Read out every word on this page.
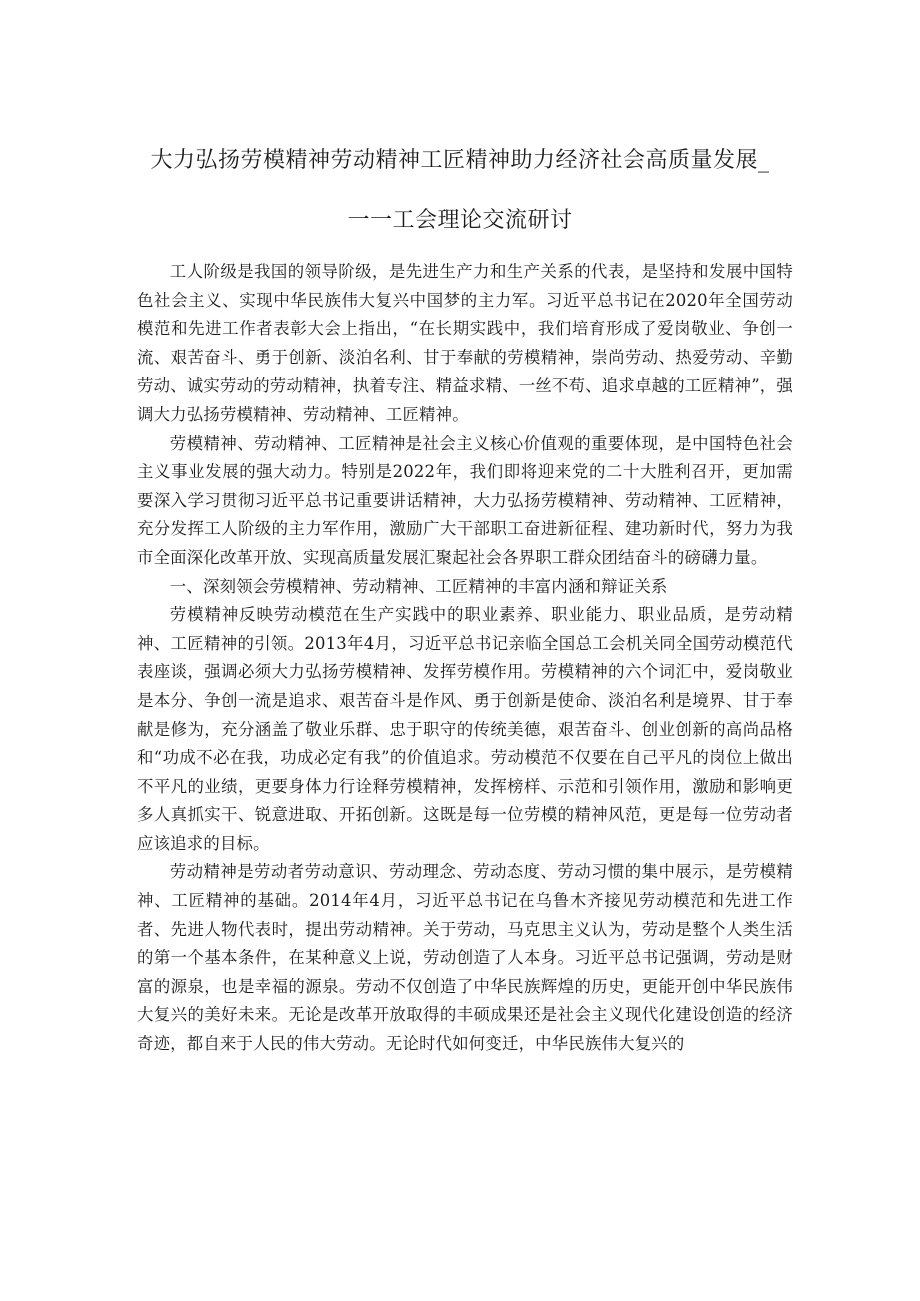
大力弘扬劳模精神劳动精神工匠精神助力经济社会高质量发展_
一一工会理论交流研讨

工人阶级是我国的领导阶级，是先进生产力和生产关系的代表，是坚持和发展中国特色社会主义、实现中华民族伟大复兴中国梦的主力军。习近平总书记在2020年全国劳动模范和先进工作者表彰大会上指出，“在长期实践中，我们培育形成了爱岗敬业、争创一流、艰苦奋斗、勇于创新、淡泊名利、甘于奉献的劳模精神，崇尚劳动、热爱劳动、辛勤劳动、诚实劳动的劳动精神，执着专注、精益求精、一丝不苟、追求卓越的工匠精神”，强调大力弘扬劳模精神、劳动精神、工匠精神。

劳模精神、劳动精神、工匠精神是社会主义核心价值观的重要体现，是中国特色社会主义事业发展的强大动力。特别是2022年，我们即将迎来党的二十大胜利召开，更加需要深入学习贯彻习近平总书记重要讲话精神，大力弘扬劳模精神、劳动精神、工匠精神，充分发挥工人阶级的主力军作用，激励广大干部职工奋进新征程、建功新时代，努力为我市全面深化改革开放、实现高质量发展汇聚起社会各界职工群众团结奋斗的磅礴力量。

一、深刻领会劳模精神、劳动精神、工匠精神的丰富内涵和辩证关系

劳模精神反映劳动模范在生产实践中的职业素养、职业能力、职业品质，是劳动精神、工匠精神的引领。2013年4月，习近平总书记亲临全国总工会机关同全国劳动模范代表座谈，强调必须大力弘扬劳模精神、发挥劳模作用。劳模精神的六个词汇中，爱岗敬业是本分、争创一流是追求、艰苦奋斗是作风、勇于创新是使命、淡泊名利是境界、甘于奉献是修为，充分涵盖了敬业乐群、忠于职守的传统美德，艰苦奋斗、创业创新的高尚品格和“功成不必在我，功成必定有我”的价值追求。劳动模范不仅要在自己平凡的岗位上做出不平凡的业绩，更要身体力行诠释劳模精神，发挥榜样、示范和引领作用，激励和影响更多人真抓实干、锐意进取、开拓创新。这既是每一位劳模的精神风范，更是每一位劳动者应该追求的目标。

劳动精神是劳动者劳动意识、劳动理念、劳动态度、劳动习惯的集中展示，是劳模精神、工匠精神的基础。2014年4月，习近平总书记在乌鲁木齐接见劳动模范和先进工作者、先进人物代表时，提出劳动精神。关于劳动，马克思主义认为，劳动是整个人类生活的第一个基本条件，在某种意义上说，劳动创造了人本身。习近平总书记强调，劳动是财富的源泉，也是幸福的源泉。劳动不仅创造了中华民族辉煌的历史，更能开创中华民族伟大复兴的美好未来。无论是改革开放取得的丰硕成果还是社会主义现代化建设创造的经济奇迹，都自来于人民的伟大劳动。无论时代如何变迁，中华民族伟大复兴的
